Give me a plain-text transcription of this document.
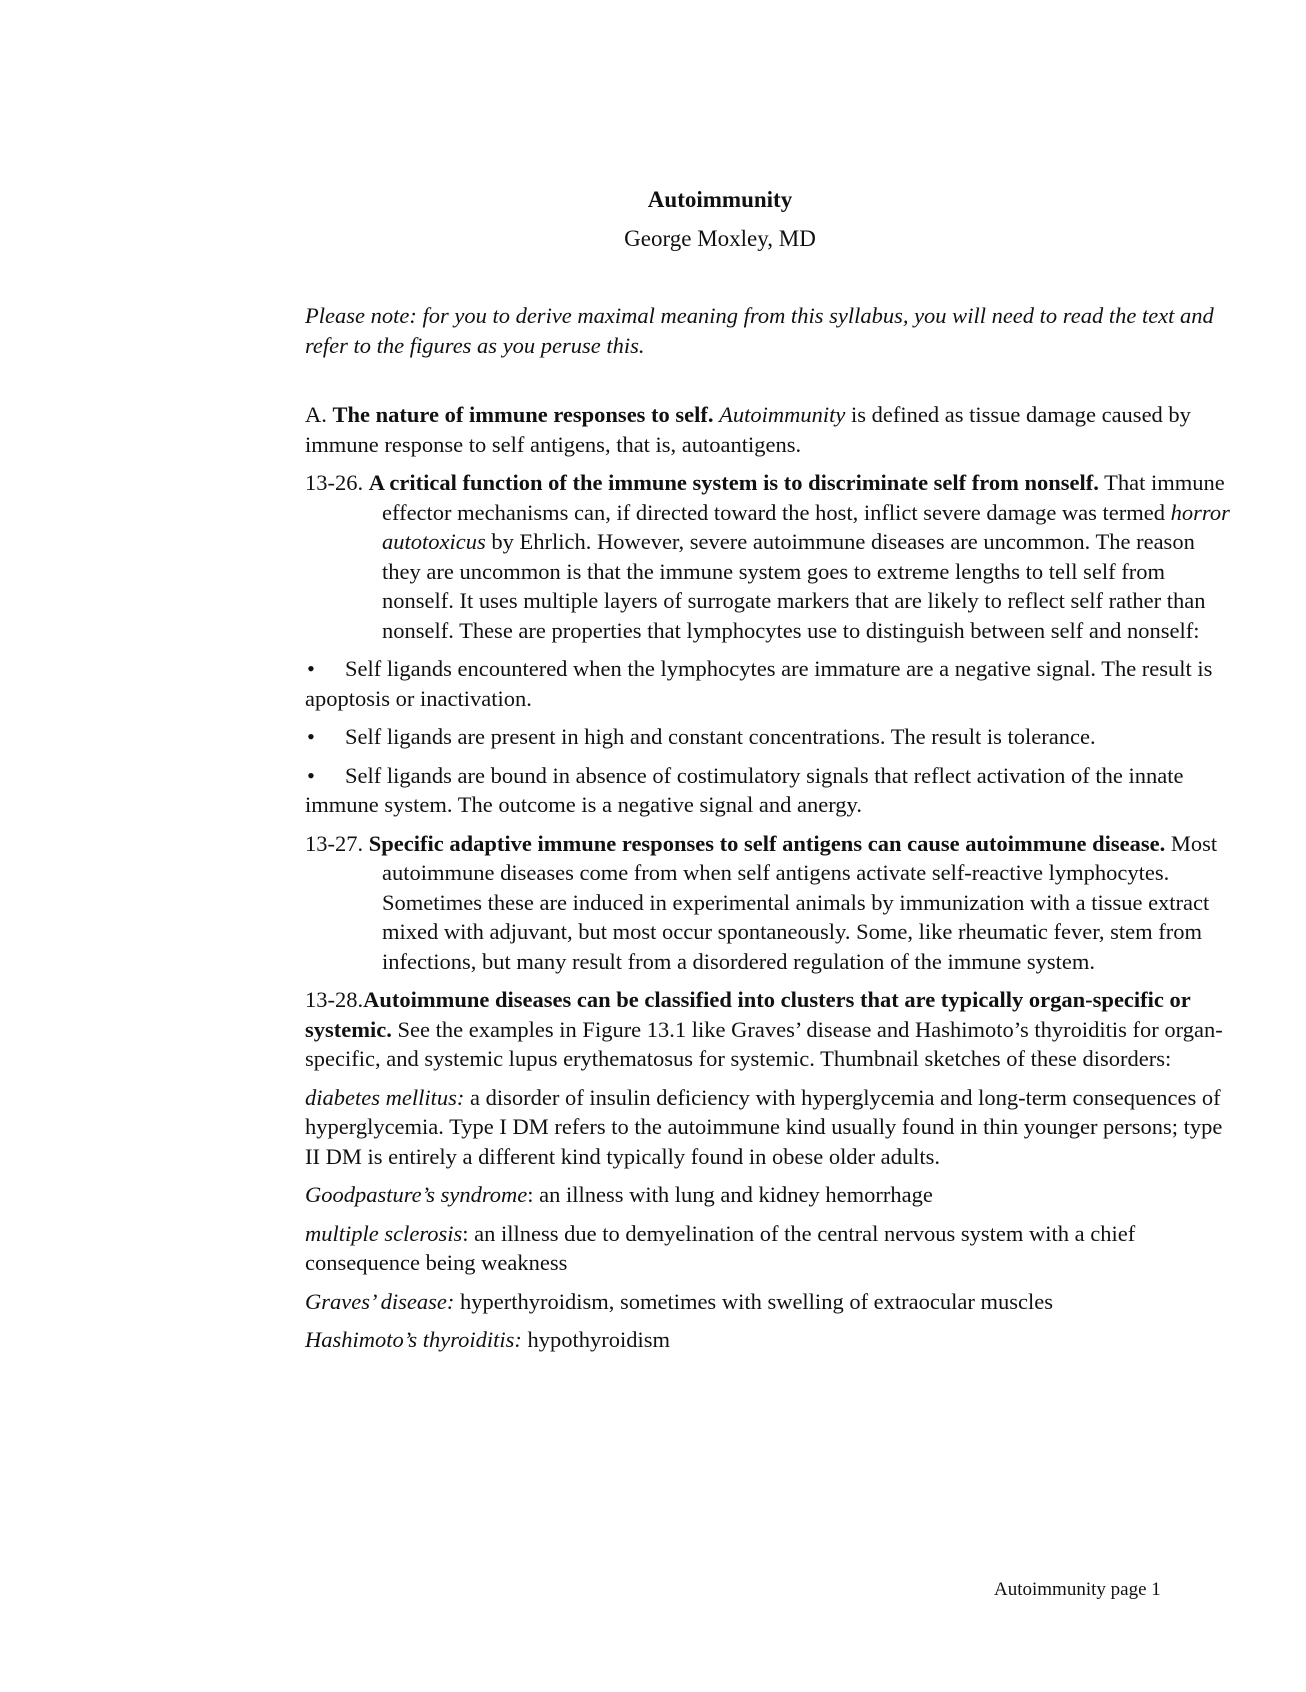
Autoimmunity
George Moxley, MD

Please note: for you to derive maximal meaning from this syllabus, you will need to read the text and refer to the figures as you peruse this.

A. The nature of immune responses to self. Autoimmunity is defined as tissue damage caused by immune response to self antigens, that is, autoantigens.

13-26. A critical function of the immune system is to discriminate self from nonself. That immune effector mechanisms can, if directed toward the host, inflict severe damage was termed horror autotoxicus by Ehrlich. However, severe autoimmune diseases are uncommon. The reason they are uncommon is that the immune system goes to extreme lengths to tell self from nonself. It uses multiple layers of surrogate markers that are likely to reflect self rather than nonself. These are properties that lymphocytes use to distinguish between self and nonself:

• Self ligands encountered when the lymphocytes are immature are a negative signal. The result is apoptosis or inactivation.

• Self ligands are present in high and constant concentrations. The result is tolerance.

• Self ligands are bound in absence of costimulatory signals that reflect activation of the innate immune system. The outcome is a negative signal and anergy.

13-27. Specific adaptive immune responses to self antigens can cause autoimmune disease. Most autoimmune diseases come from when self antigens activate self-reactive lymphocytes. Sometimes these are induced in experimental animals by immunization with a tissue extract mixed with adjuvant, but most occur spontaneously. Some, like rheumatic fever, stem from infections, but many result from a disordered regulation of the immune system.

13-28.Autoimmune diseases can be classified into clusters that are typically organ-specific or systemic. See the examples in Figure 13.1 like Graves’ disease and Hashimoto’s thyroiditis for organ-specific, and systemic lupus erythematosus for systemic. Thumbnail sketches of these disorders:

diabetes mellitus: a disorder of insulin deficiency with hyperglycemia and long-term consequences of hyperglycemia. Type I DM refers to the autoimmune kind usually found in thin younger persons; type II DM is entirely a different kind typically found in obese older adults.

Goodpasture’s syndrome: an illness with lung and kidney hemorrhage

multiple sclerosis: an illness due to demyelination of the central nervous system with a chief consequence being weakness

Graves’ disease: hyperthyroidism, sometimes with swelling of extraocular muscles

Hashimoto’s thyroiditis: hypothyroidism

Autoimmunity page 1
